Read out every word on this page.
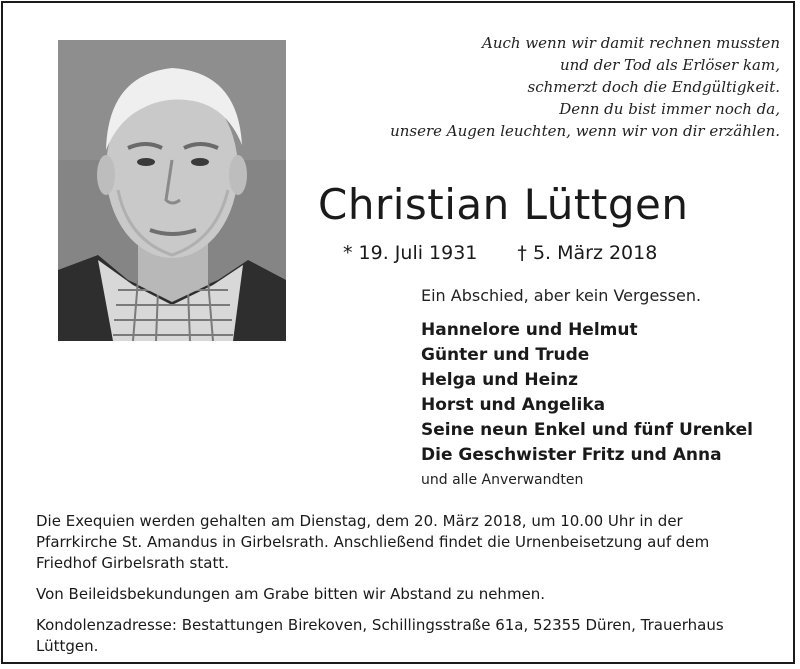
Auch wenn wir damit rechnen mussten
und der Tod als Erlöser kam,
schmerzt doch die Endgültigkeit.
Denn du bist immer noch da,
unsere Augen leuchten, wenn wir von dir erzählen.
Christian Lüttgen
* 19. Juli 1931 † 5. März 2018
Ein Abschied, aber kein Vergessen.
Hannelore und Helmut
Günter und Trude
Helga und Heinz
Horst und Angelika
Seine neun Enkel und fünf Urenkel
Die Geschwister Fritz und Anna
und alle Anverwandten

Die Exequien werden gehalten am Dienstag, dem 20. März 2018, um 10.00 Uhr in der Pfarrkirche St. Amandus in Girbelsrath. Anschließend findet die Urnenbeisetzung auf dem Friedhof Girbelsrath statt.

Von Beileidsbekundungen am Grabe bitten wir Abstand zu nehmen.

Kondolenzadresse: Bestattungen Birekoven, Schillingsstraße 61a, 52355 Düren, Trauerhaus Lüttgen.
